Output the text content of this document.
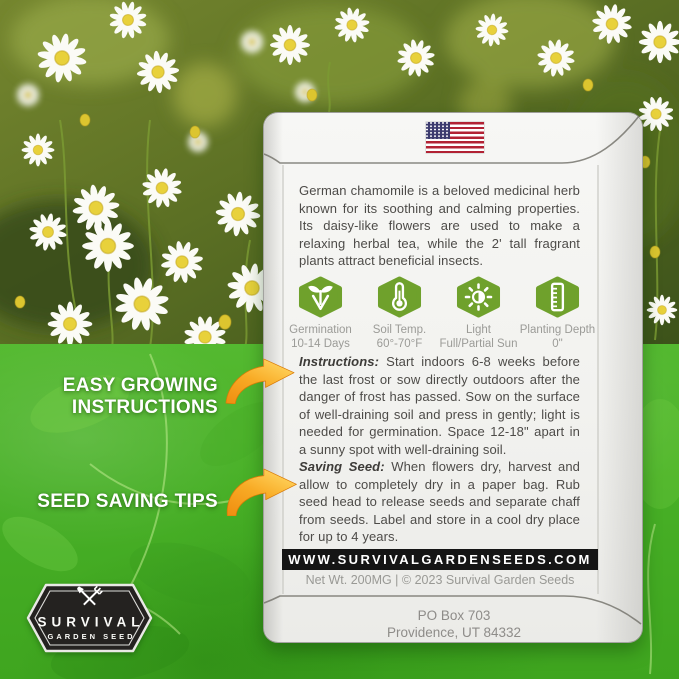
German chamomile is a beloved medicinal herb known for its soothing and calming properties. Its daisy-like flowers are used to make a relaxing herbal tea, while the 2' tall fragrant plants attract beneficial insects.
Germination
10-14 Days
Soil Temp.
60°-70°F
Light
Full/Partial Sun
Planting Depth
0"
Instructions: Start indoors 6-8 weeks before the last frost or sow directly outdoors after the danger of frost has passed. Sow on the surface of well-draining soil and press in gently; light is needed for germination. Space 12-18" apart in a sunny spot with well-draining soil.
Saving Seed: When flowers dry, harvest and allow to completely dry in a paper bag. Rub seed head to release seeds and separate chaff from seeds. Label and store in a cool dry place for up to 4 years.
WWW.SURVIVALGARDENSEEDS.COM
Net Wt. 200MG | © 2023 Survival Garden Seeds
PO Box 703
Providence, UT 84332
EASY GROWING
INSTRUCTIONS
SEED SAVING TIPS
SURVIVAL
GARDEN SEED
